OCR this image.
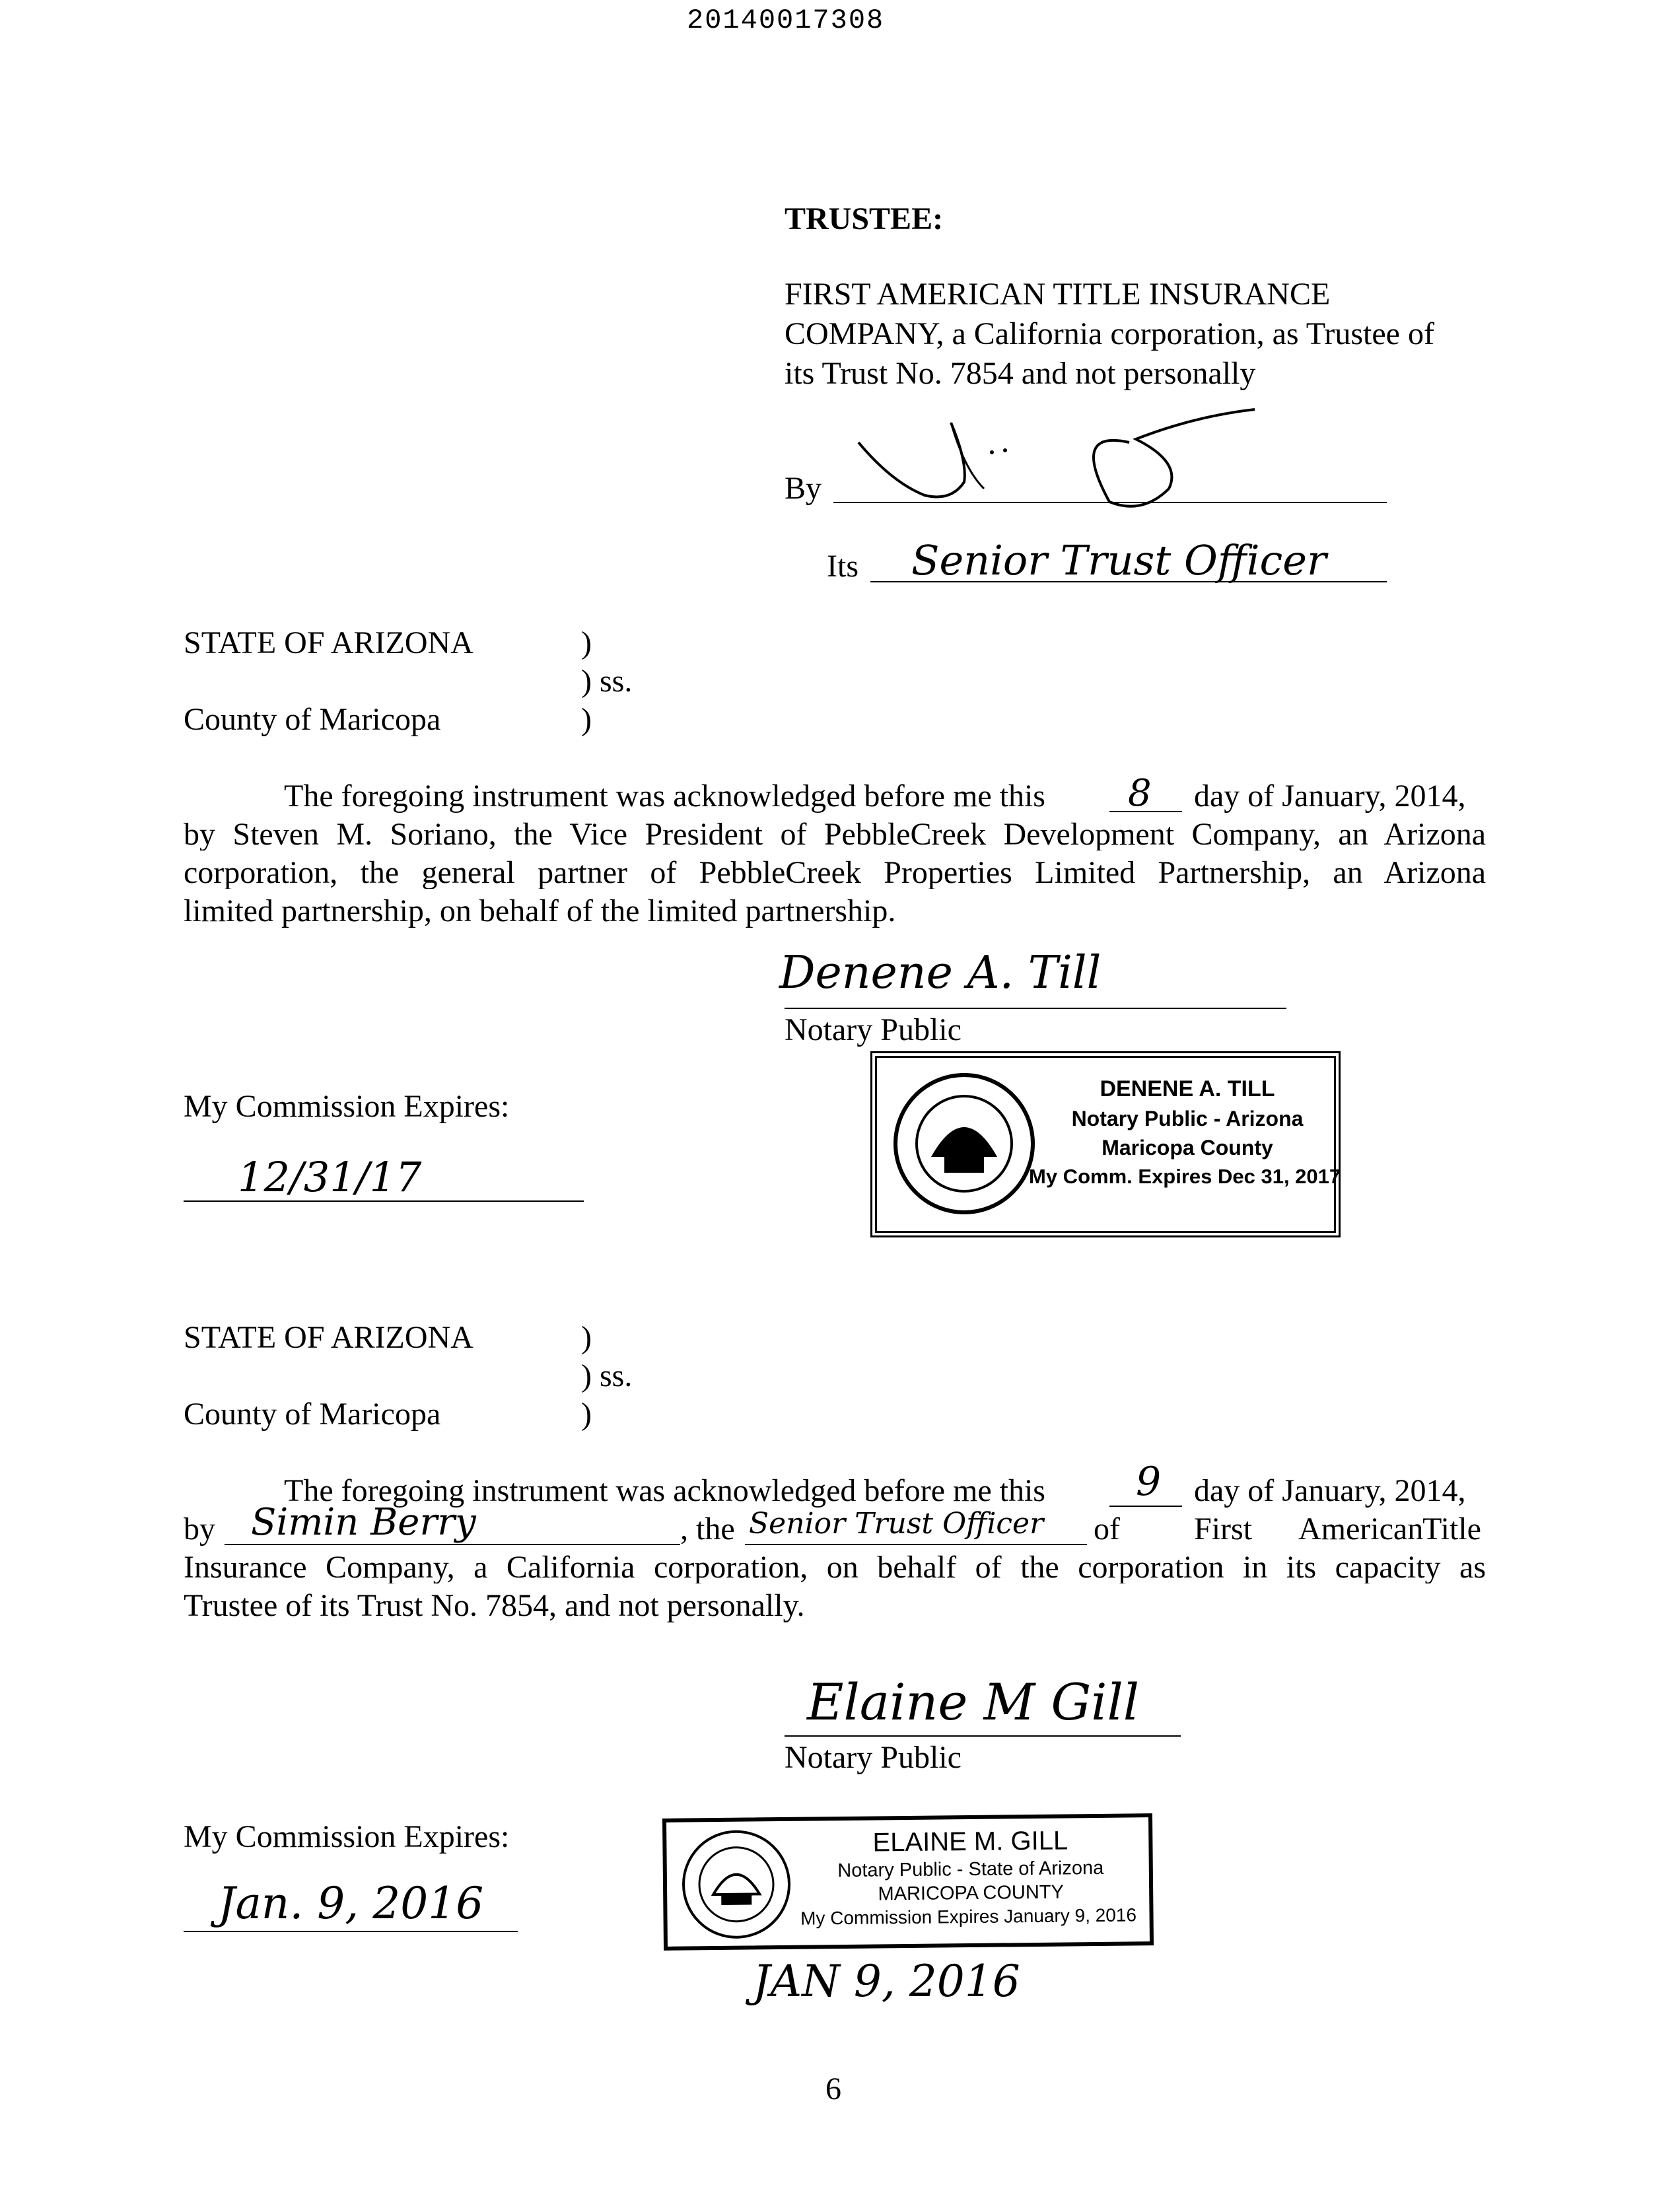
20140017308
TRUSTEE:
FIRST AMERICAN TITLE INSURANCE
COMPANY, a California corporation, as Trustee of
its Trust No. 7854 and not personally
By
Its Senior Trust Officer
STATE OF ARIZONA	)
) ss.
County of Maricopa	)
The foregoing instrument was acknowledged before me this 8 day of January, 2014,
by Steven M. Soriano, the Vice President of PebbleCreek Development Company, an Arizona
corporation, the general partner of PebbleCreek Properties Limited Partnership, an Arizona
limited partnership, on behalf of the limited partnership.
Denene A. Till
Notary Public
My Commission Expires:
12/31/17
DENENE A. TILL
Notary Public - Arizona
Maricopa County
My Comm. Expires Dec 31, 2017
STATE OF ARIZONA	)
) ss.
County of Maricopa	)
The foregoing instrument was acknowledged before me this 9 day of January, 2014,
by Simin Berry	, the Senior Trust Officer of First American
Title
Insurance Company, a California corporation, on behalf of the corporation in its capacity as
Trustee of its Trust No. 7854, and not personally.
Elaine M Gill
Notary Public
My Commission Expires:
Jan. 9, 2016
ELAINE M. GILL
Notary Public - State of Arizona
MARICOPA COUNTY
My Commission Expires January 9, 2016
JAN 9, 2016
6
